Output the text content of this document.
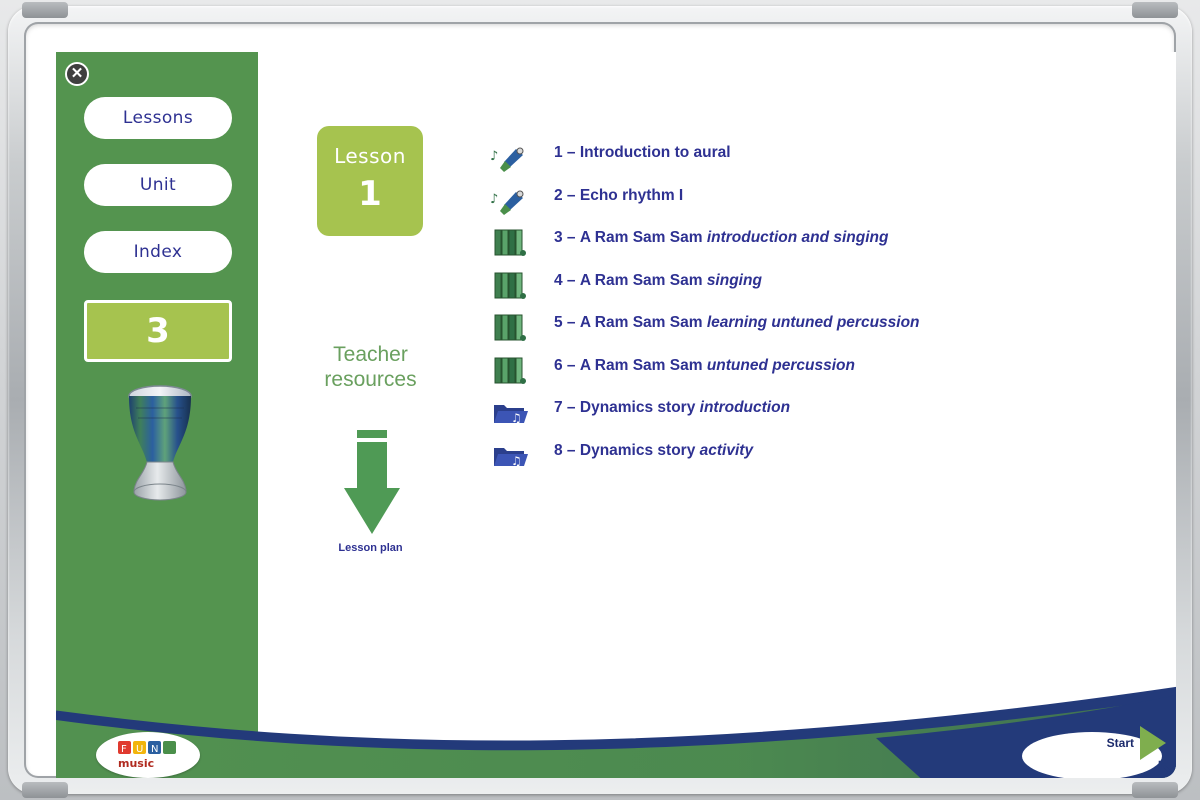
✕
Lessons
Unit
Index
3
Lesson
1
Teacher
resources
Lesson plan
♪	1 – Introduction to aural
♪	2 – Echo rhythm I
3 – A Ram Sam Sam introduction and singing
4 – A Ram Sam Sam singing
5 – A Ram Sam Sam learning untuned percussion
6 – A Ram Sam Sam untuned percussion
♫
7 – Dynamics story introduction
♫
8 – Dynamics story activity
F U N
music
Start
